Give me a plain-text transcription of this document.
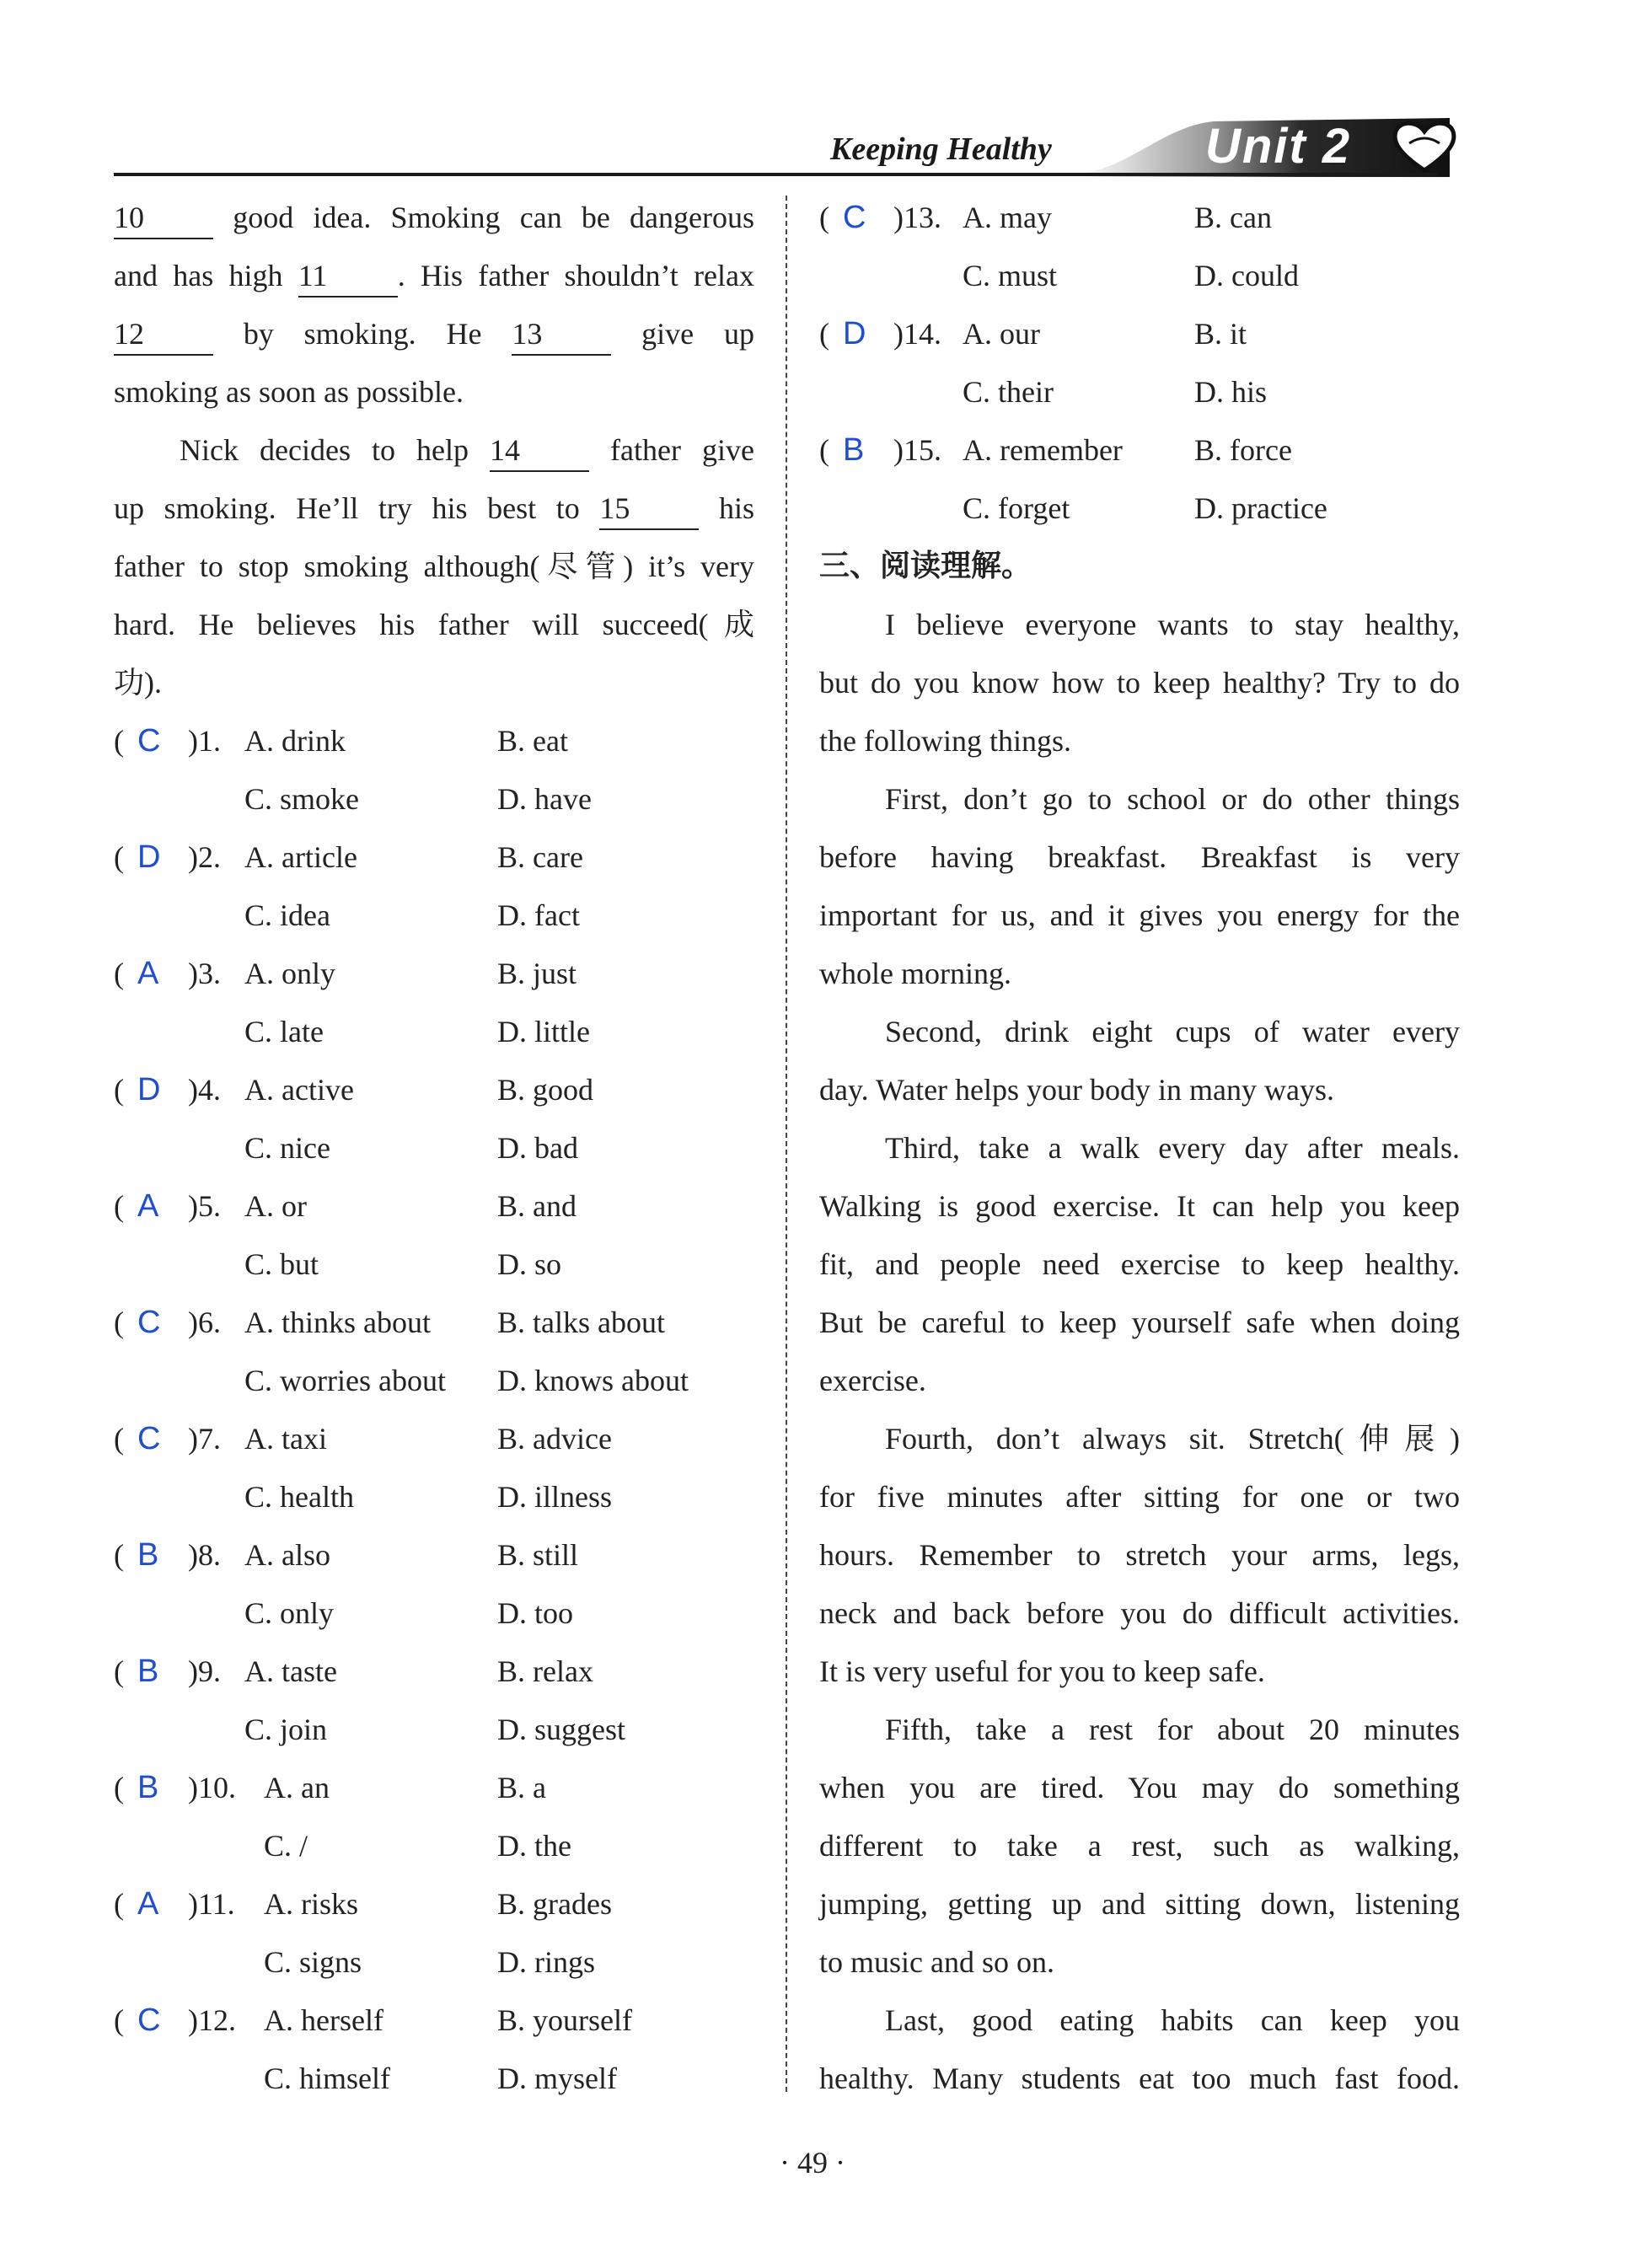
Keeping Healthy	Unit 2
10 good idea. Smoking can be dangerous
and has high 11 . His father shouldn’t relax
12 by smoking. He 13 give up
smoking as soon as possible.
Nick decides to help 14 father give
up smoking. He’ll try his best to 15 his
father to stop smoking although(尽管) it’s very
hard. He believes his father will succeed(成
功).
( C )1. A. drink	B. eat
C. smoke	D. have
( D )2. A. article	B. care
C. idea	D. fact
( A )3. A. only	B. just
C. late	D. little
( D )4. A. active	B. good
C. nice	D. bad
( A )5. A. or	B. and
C. but	D. so
( C )6. A. thinks about B. talks about
C. worries about D. knows about
( C )7. A. taxi	B. advice
C. health	D. illness
( B )8. A. also	B. still
C. only	D. too
( B )9. A. taste	B. relax
C. join	D. suggest
( B )10. A. an	B. a
C. /	D. the
( A )11. A. risks	B. grades
C. signs	D. rings
( C )12. A. herself	B. yourself
C. himself	D. myself
( C )13. A. may	B. can
C. must	D. could
( D )14. A. our	B. it
C. their	D. his
( B )15. A. remember B. force
C. forget	D. practice
三、阅读理解。
I believe everyone wants to stay healthy,
but do you know how to keep healthy? Try to do
the following things.
First, don’t go to school or do other things
before having breakfast. Breakfast is very
important for us, and it gives you energy for the
whole morning.
Second, drink eight cups of water every
day. Water helps your body in many ways.
Third, take a walk every day after meals.
Walking is good exercise. It can help you keep
fit, and people need exercise to keep healthy.
But be careful to keep yourself safe when doing
exercise.
Fourth, don’t always sit. Stretch(伸展)
for five minutes after sitting for one or two
hours. Remember to stretch your arms, legs,
neck and back before you do difficult activities.
It is very useful for you to keep safe.
Fifth, take a rest for about 20 minutes
when you are tired. You may do something
different to take a rest, such as walking,
jumping, getting up and sitting down, listening
to music and so on.
Last, good eating habits can keep you
healthy. Many students eat too much fast food.
· 49 ·
